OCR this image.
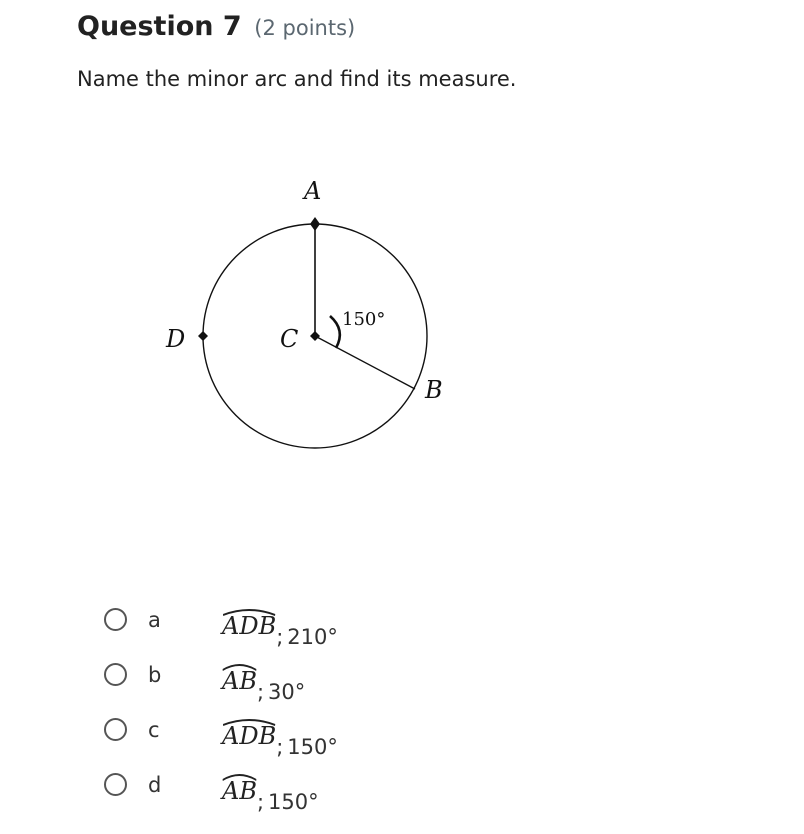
Question 7 (2 points)
Name the minor arc and find its measure.
A
B
C
D
150°
a	ADB; 210°
b	AB; 30°
c	ADB; 150°
d	AB; 150°
